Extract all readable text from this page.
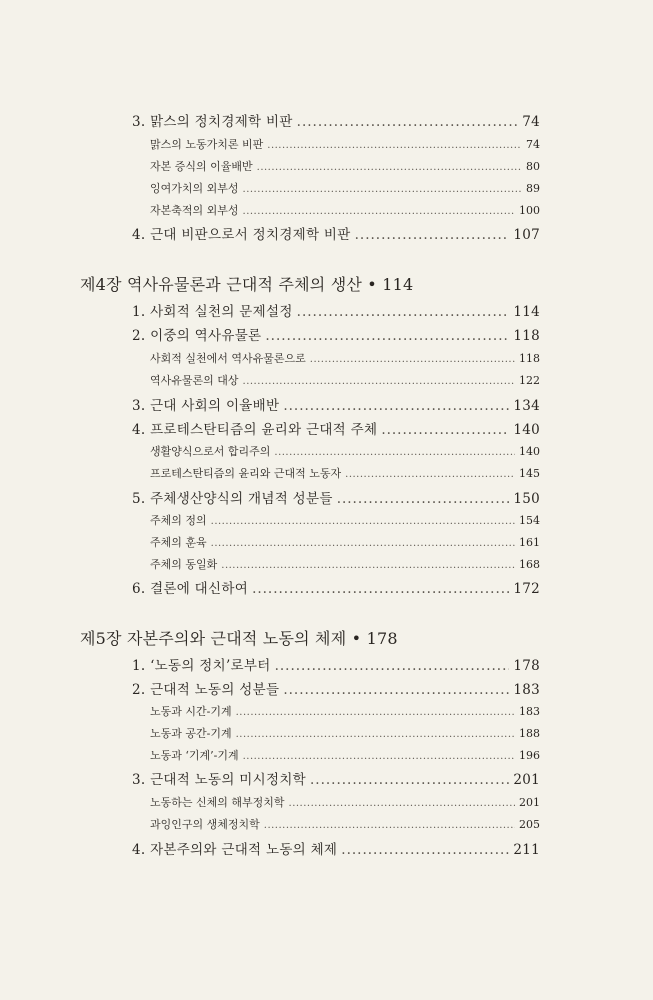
3. 맑스의 정치경제학 비판 .....	74
맑스의 노동가치론 비판 .....	74
자본 증식의 이율배반 .....	80
잉여가치의 외부성 .....	89
자본축적의 외부성 .....	100
4. 근대 비판으로서 정치경제학 비판 .....	107
제4장 역사유물론과 근대적 주체의 생산 • 114
1. 사회적 실천의 문제설정 .....	114
2. 이중의 역사유물론 .....	118
사회적 실천에서 역사유물론으로 .....	118
역사유물론의 대상 .....	122
3. 근대 사회의 이율배반 .....	134
4. 프로테스탄티즘의 윤리와 근대적 주체 .....	140
생활양식으로서 합리주의 .....	140
프로테스탄티즘의 윤리와 근대적 노동자 .....	145
5. 주체생산양식의 개념적 성분들 .....	150
주체의 정의 .....	154
주체의 훈육 .....	161
주체의 동일화 .....	168
6. 결론에 대신하여 .....	172
제5장 자본주의와 근대적 노동의 체제 • 178
1. ‘노동의 정치’로부터 .....	178
2. 근대적 노동의 성분들 .....	183
노동과 시간-기계 .....	183
노동과 공간-기계 .....	188
노동과 ‘기계’-기계 .....	196
3. 근대적 노동의 미시정치학 .....	201
노동하는 신체의 해부정치학 .....	201
과잉인구의 생체정치학 .....	205
4. 자본주의와 근대적 노동의 체제 .....	211
